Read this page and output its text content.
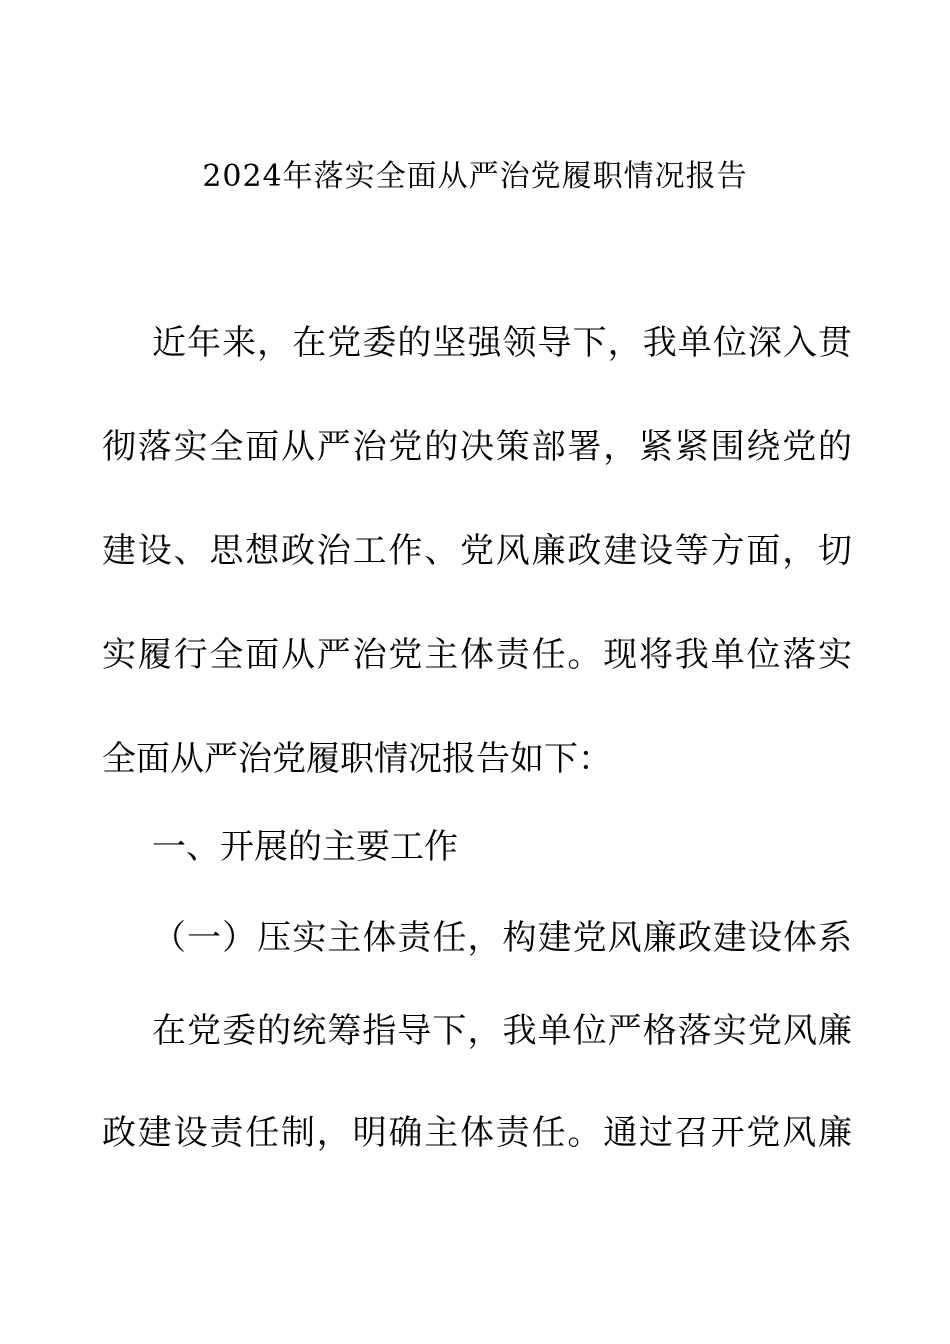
2024年落实全面从严治党履职情况报告
近年来，在党委的坚强领导下，我单位深入贯
彻落实全面从严治党的决策部署，紧紧围绕党的
建设、思想政治工作、党风廉政建设等方面，切
实履行全面从严治党主体责任。现将我单位落实
全面从严治党履职情况报告如下：
一、开展的主要工作
（一）压实主体责任，构建党风廉政建设体系
在党委的统筹指导下，我单位严格落实党风廉
政建设责任制，明确主体责任。通过召开党风廉
